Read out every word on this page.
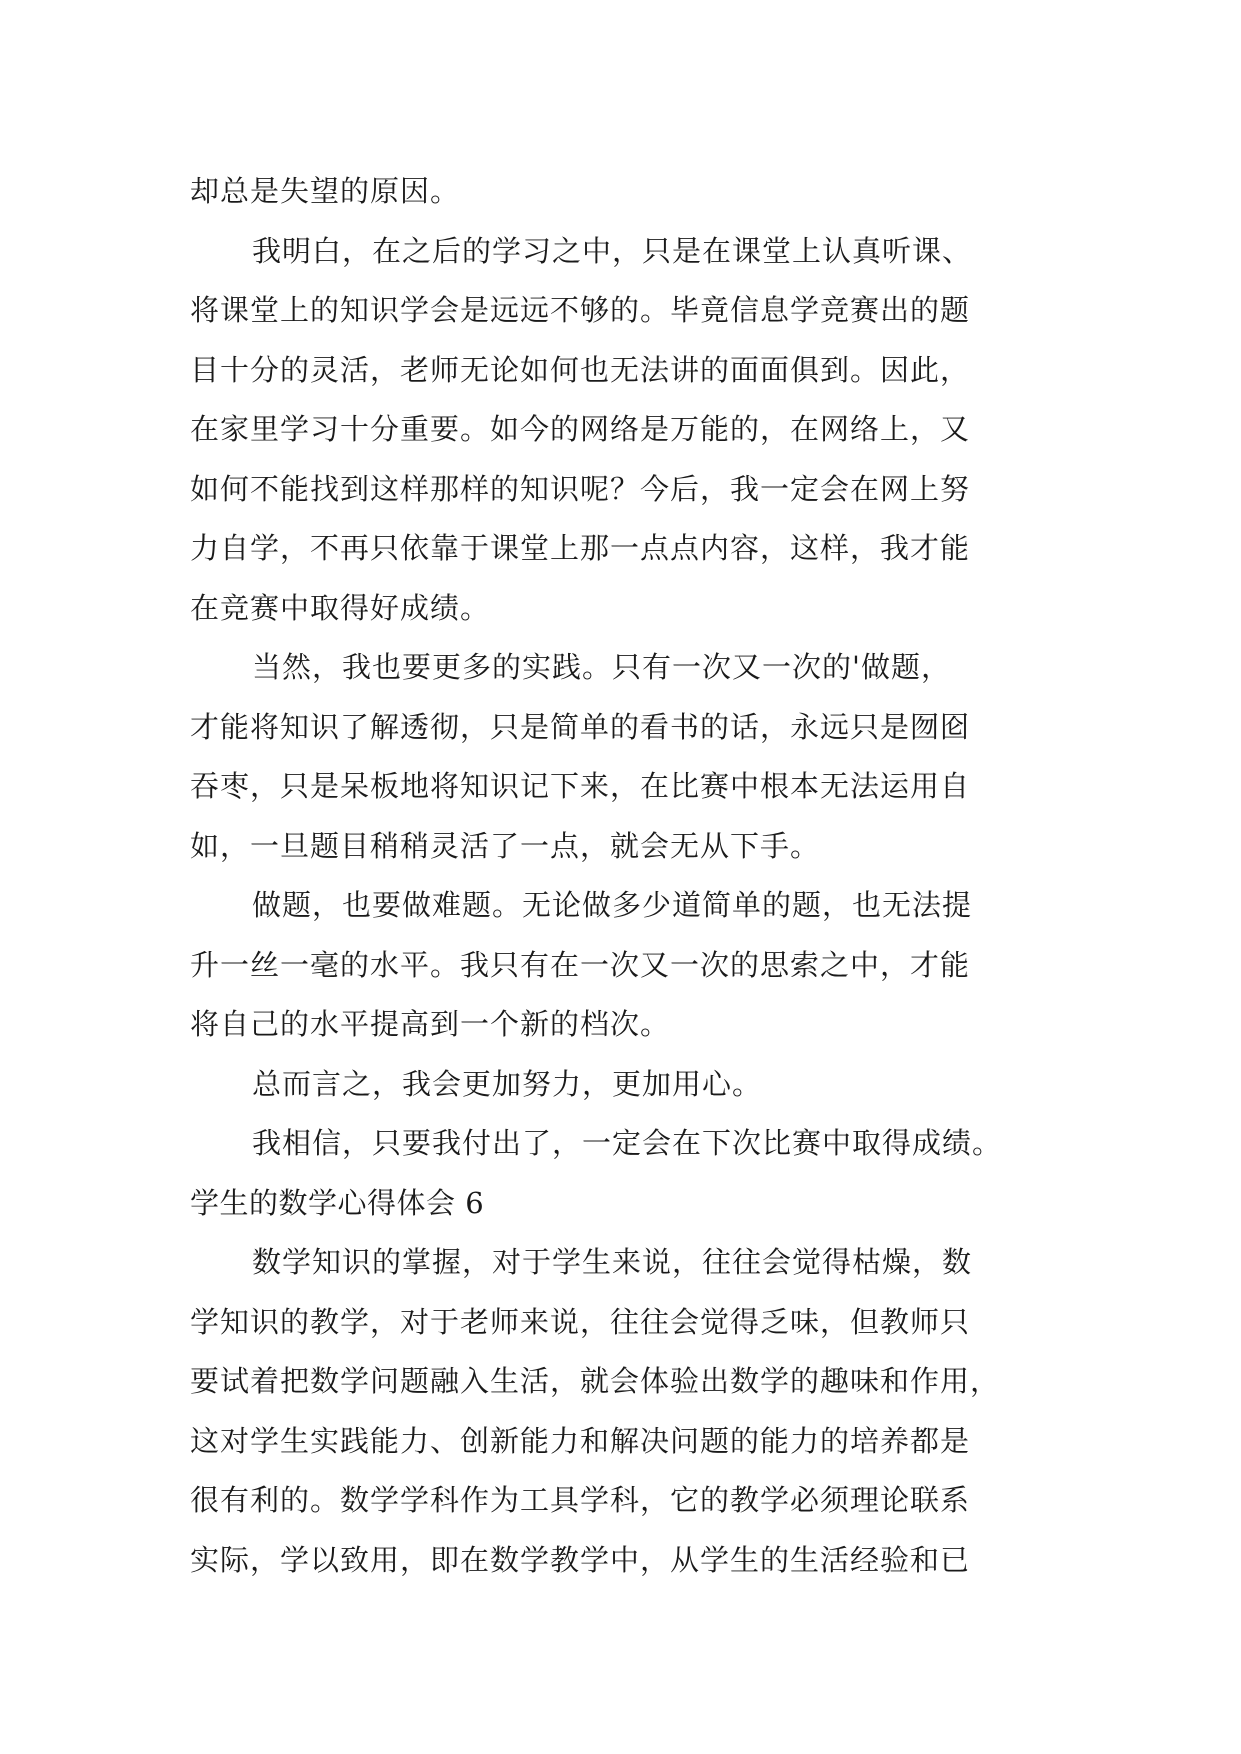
却总是失望的原因。
我明白，在之后的学习之中，只是在课堂上认真听课、
将课堂上的知识学会是远远不够的。毕竟信息学竞赛出的题
目十分的灵活，老师无论如何也无法讲的面面俱到。因此，
在家里学习十分重要。如今的网络是万能的，在网络上，又
如何不能找到这样那样的知识呢？今后，我一定会在网上努
力自学，不再只依靠于课堂上那一点点内容，这样，我才能
在竞赛中取得好成绩。
当然，我也要更多的实践。只有一次又一次的'做题，
才能将知识了解透彻，只是简单的看书的话，永远只是囫囵
吞枣，只是呆板地将知识记下来，在比赛中根本无法运用自
如，一旦题目稍稍灵活了一点，就会无从下手。
做题，也要做难题。无论做多少道简单的题，也无法提
升一丝一毫的水平。我只有在一次又一次的思索之中，才能
将自己的水平提高到一个新的档次。
总而言之，我会更加努力，更加用心。
我相信，只要我付出了，一定会在下次比赛中取得成绩。
学生的数学心得体会 6
数学知识的掌握，对于学生来说，往往会觉得枯燥，数
学知识的教学，对于老师来说，往往会觉得乏味，但教师只
要试着把数学问题融入生活，就会体验出数学的趣味和作用，
这对学生实践能力、创新能力和解决问题的能力的培养都是
很有利的。数学学科作为工具学科，它的教学必须理论联系
实际，学以致用，即在数学教学中，从学生的生活经验和已
